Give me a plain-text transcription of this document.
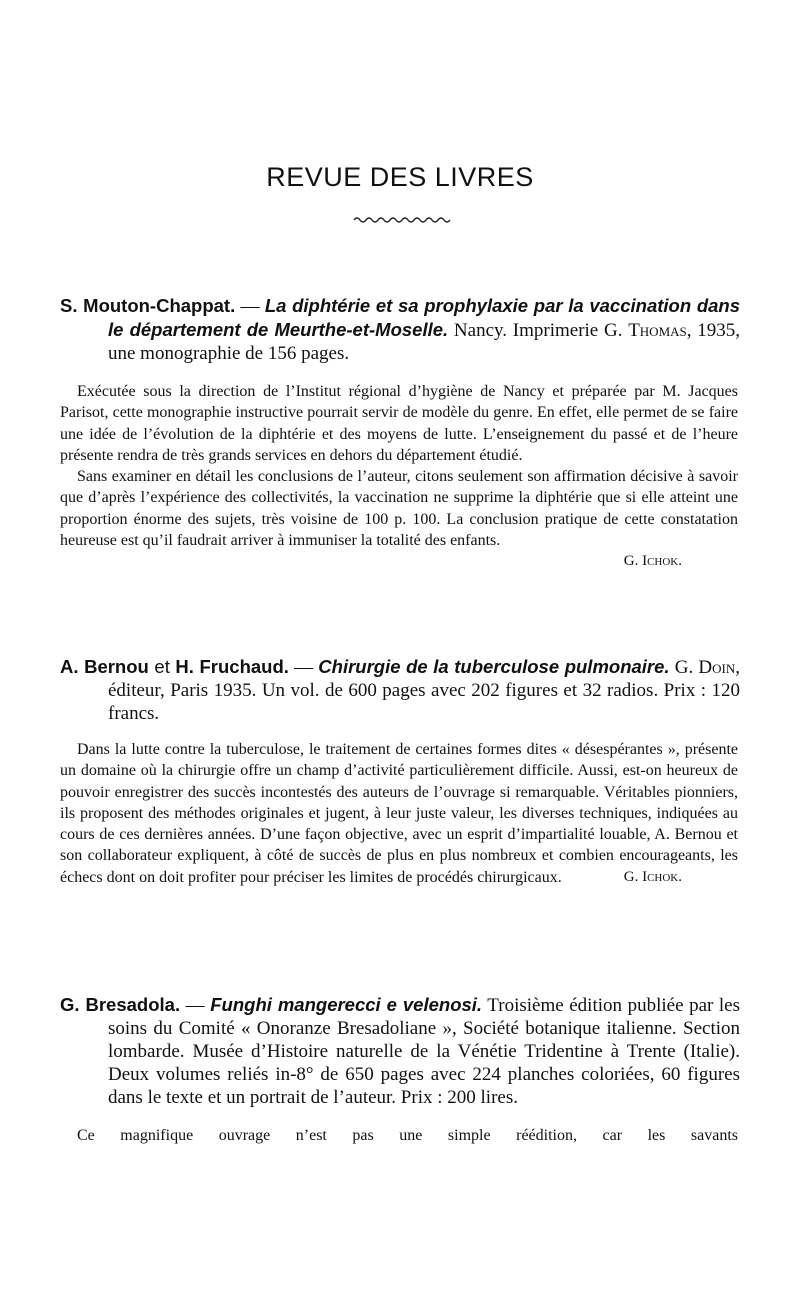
REVUE DES LIVRES

S. Mouton-Chappat. — La diphtérie et sa prophylaxie par la vaccination dans le département de Meurthe-et-Moselle. Nancy. Imprimerie G. Thomas, 1935, une monographie de 156 pages.

Exécutée sous la direction de l’Institut régional d’hygiène de Nancy et préparée par M. Jacques Parisot, cette monographie instructive pourrait servir de modèle du genre. En effet, elle permet de se faire une idée de l’évolution de la diphtérie et des moyens de lutte. L’enseignement du passé et de l’heure présente rendra de très grands services en dehors du département étudié.

Sans examiner en détail les conclusions de l’auteur, citons seulement son affirmation décisive à savoir que d’après l’expérience des collectivités, la vaccination ne supprime la diphtérie que si elle atteint une proportion énorme des sujets, très voisine de 100 p. 100. La conclusion pratique de cette constatation heureuse est qu’il faudrait arriver à immuniser la totalité des enfants.

G. Ichok.

A. Bernou et H. Fruchaud. — Chirurgie de la tuberculose pulmonaire. G. Doin, éditeur, Paris 1935. Un vol. de 600 pages avec 202 figures et 32 radios. Prix : 120 francs.

Dans la lutte contre la tuberculose, le traitement de certaines formes dites « désespérantes », présente un domaine où la chirurgie offre un champ d’activité particulièrement difficile. Aussi, est-on heureux de pouvoir enregistrer des succès incontestés des auteurs de l’ouvrage si remarquable. Véritables pionniers, ils proposent des méthodes originales et jugent, à leur juste valeur, les diverses techniques, indiquées au cours de ces dernières années. D’une façon objective, avec un esprit d’impartialité louable, A. Bernou et son collaborateur expliquent, à côté de succès de plus en plus nombreux et combien encourageants, les échecs dont on doit profiter pour préciser les limites de procédés chirurgicaux.	G. Ichok.

G. Bresadola. — Funghi mangerecci e velenosi. Troisième édition publiée par les soins du Comité « Onoranze Bresadoliane », Société botanique italienne. Section lombarde. Musée d’Histoire naturelle de la Vénétie Tridentine à Trente (Italie). Deux volumes reliés in-8° de 650 pages avec 224 planches coloriées, 60 figures dans le texte et un portrait de l’auteur. Prix : 200 lires.

Ce magnifique ouvrage n’est pas une simple réédition, car les savants
